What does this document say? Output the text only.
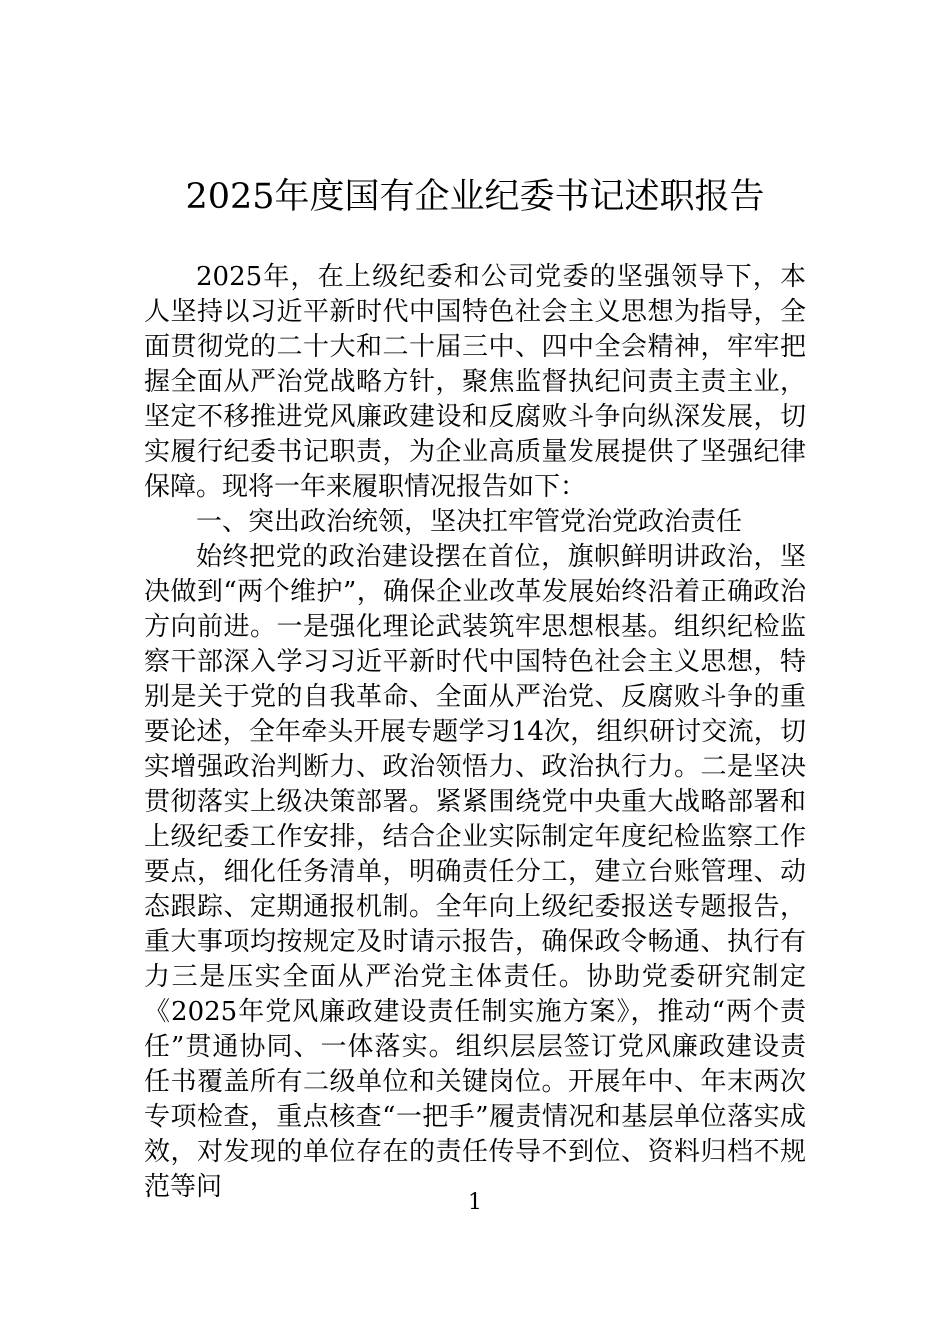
2025年度国有企业纪委书记述职报告

2025年，在上级纪委和公司党委的坚强领导下，本人坚持以习近平新时代中国特色社会主义思想为指导，全面贯彻党的二十大和二十届三中、四中全会精神，牢牢把握全面从严治党战略方针，聚焦监督执纪问责主责主业，坚定不移推进党风廉政建设和反腐败斗争向纵深发展，切实履行纪委书记职责，为企业高质量发展提供了坚强纪律保障。现将一年来履职情况报告如下：

一、突出政治统领，坚决扛牢管党治党政治责任

始终把党的政治建设摆在首位，旗帜鲜明讲政治，坚决做到“两个维护”，确保企业改革发展始终沿着正确政治方向前进。一是强化理论武装筑牢思想根基。组织纪检监察干部深入学习习近平新时代中国特色社会主义思想，特别是关于党的自我革命、全面从严治党、反腐败斗争的重要论述，全年牵头开展专题学习14次，组织研讨交流，切实增强政治判断力、政治领悟力、政治执行力。二是坚决贯彻落实上级决策部署。紧紧围绕党中央重大战略部署和上级纪委工作安排，结合企业实际制定年度纪检监察工作要点，细化任务清单，明确责任分工，建立台账管理、动态跟踪、定期通报机制。全年向上级纪委报送专题报告，重大事项均按规定及时请示报告，确保政令畅通、执行有力三是压实全面从严治党主体责任。协助党委研究制定《2025年党风廉政建设责任制实施方案》，推动“两个责任”贯通协同、一体落实。组织层层签订党风廉政建设责任书覆盖所有二级单位和关键岗位。开展年中、年末两次专项检查，重点核查“一把手”履责情况和基层单位落实成效，对发现的单位存在的责任传导不到位、资料归档不规范等问

1
